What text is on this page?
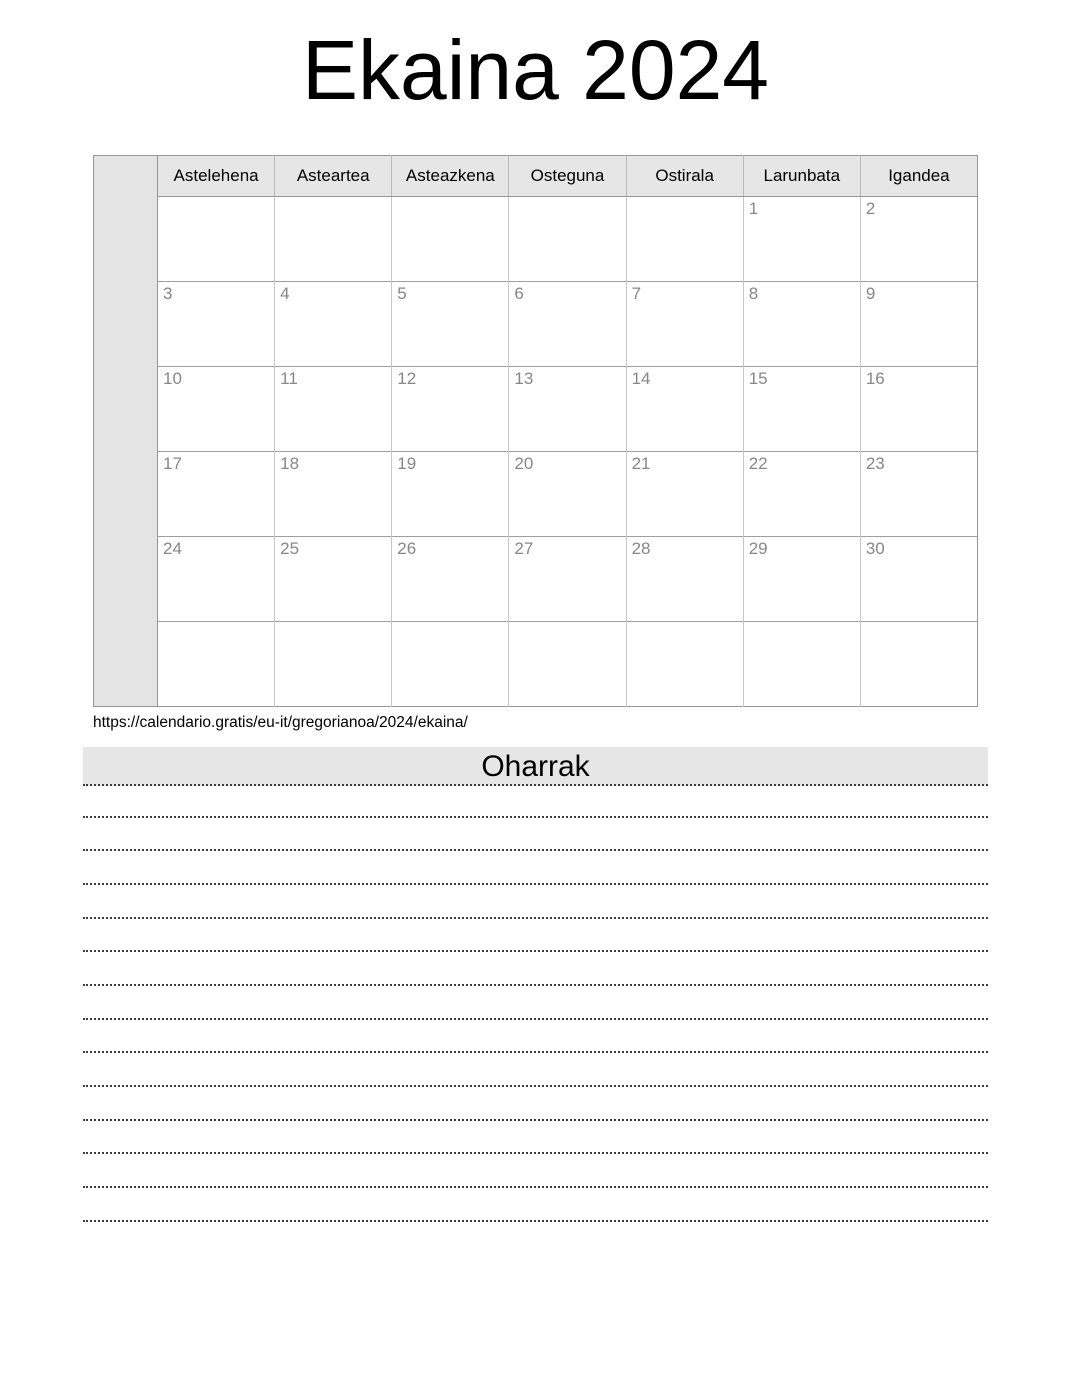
Ekaina 2024
	Astelehena	Asteartea	Asteazkena	Osteguna	Ostirala	Larunbata	Igandea
						1	2
	3	4	5	6	7	8	9
	10	11	12	13	14	15	16
	17	18	19	20	21	22	23
	24	25	26	27	28	29	30

https://calendario.gratis/eu-it/gregorianoa/2024/ekaina/
Oharrak
